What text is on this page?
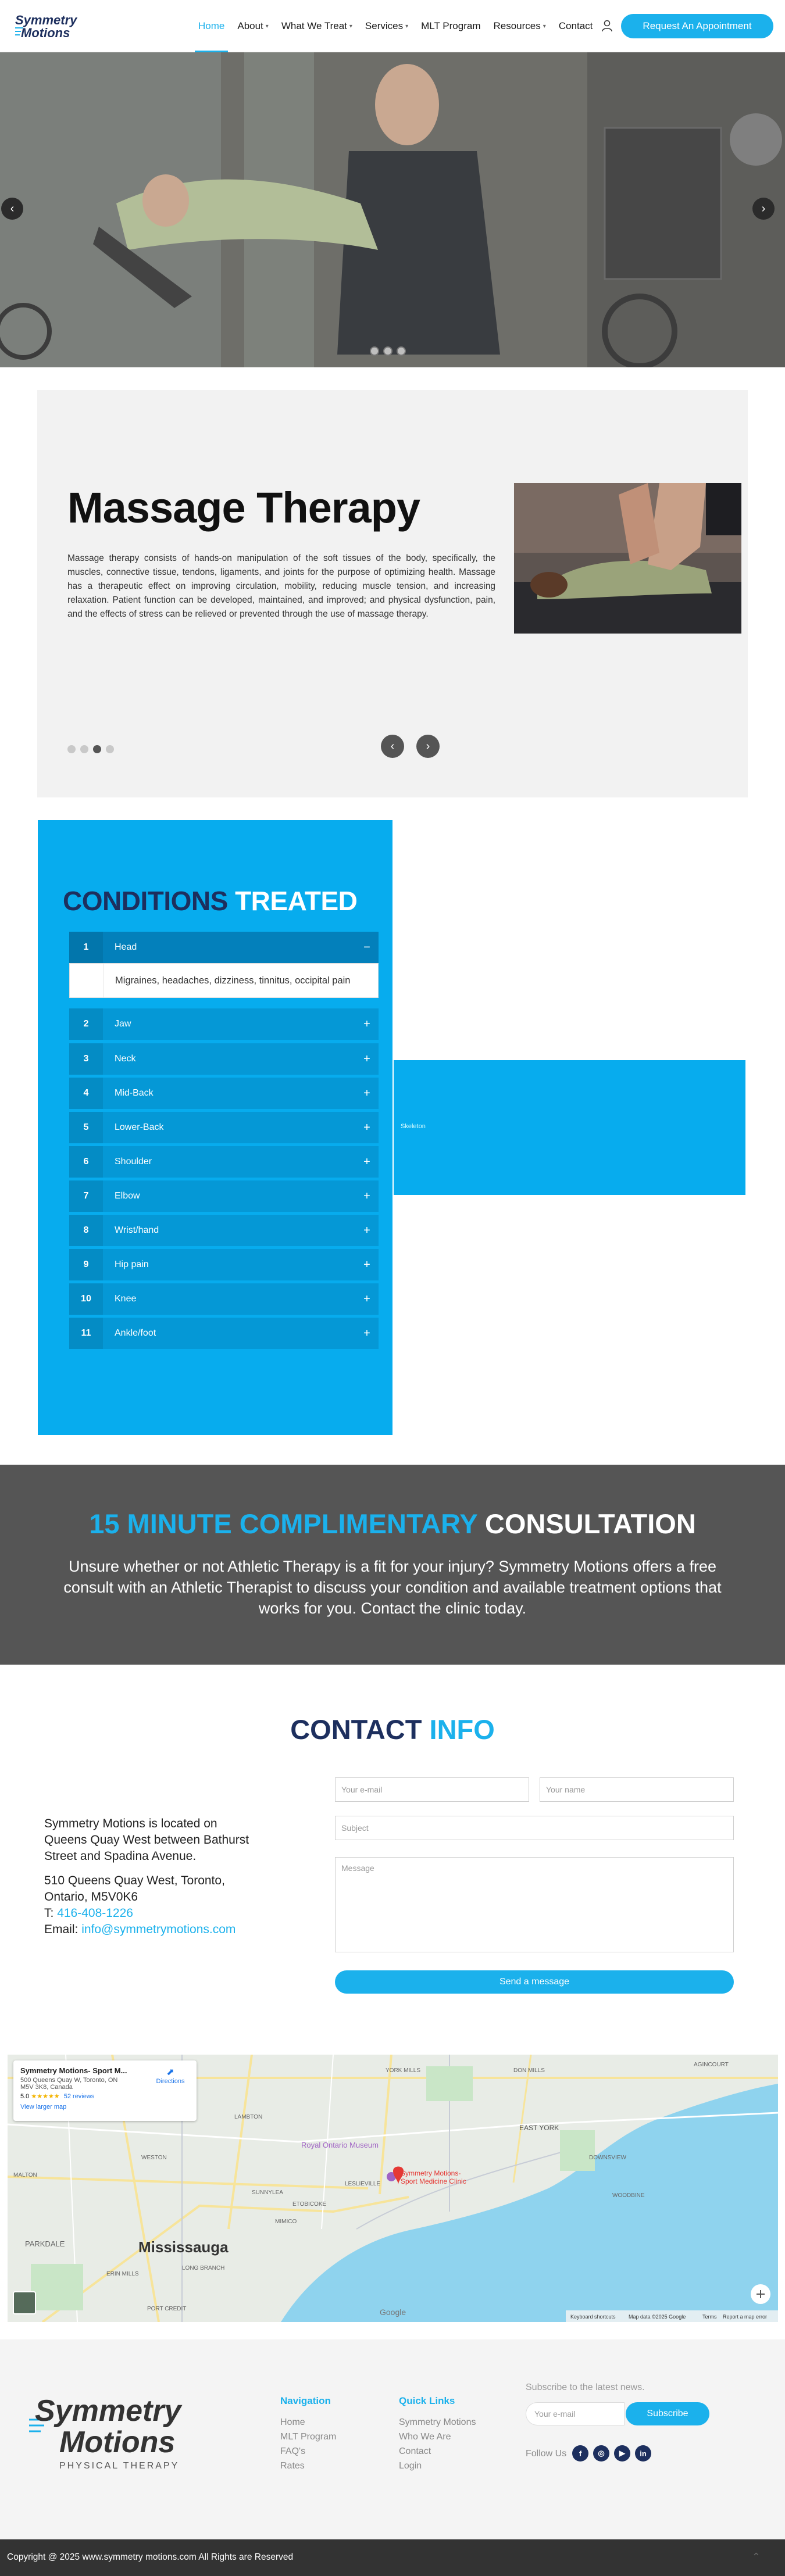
Symmetry
Motions	Home About ▾ What We Treat ▾ Services ▾ MLT Program Resources ▾ Contact	Request An Appointment
‹	›
Massage Therapy
Massage therapy consists of hands-on manipulation of the soft tissues of the body, specifically, the muscles, connective tissue, tendons, ligaments, and joints for the purpose of optimizing health. Massage has a therapeutic effect on improving circulation, mobility, reducing muscle tension, and increasing relaxation. Patient function can be developed, maintained, and improved; and physical dysfunction, pain, and the effects of stress can be relieved or prevented through the use of massage therapy.
‹	›
CONDITIONS TREATED
Migraines, headaches, dizziness, tinnitus, occipital pain
1	Head	−
2	Jaw	+
3	Neck	+
4	Mid-Back	+
5	Lower-Back	+
6	Shoulder	+
7	Elbow	+
8	Wrist/hand	+
9	Hip pain	+
10	Knee	+
11	Ankle/foot	+
Skeleton
15 MINUTE COMPLIMENTARY CONSULTATION
Unsure whether or not Athletic Therapy is a fit for your injury? Symmetry Motions offers a free consult with an Athletic Therapist to discuss your condition and available treatment options that works for you. Contact the clinic today.
CONTACT INFO
Symmetry Motions is located on Queens Quay West between Bathurst Street and Spadina Avenue.
510 Queens Quay West, Toronto,
Ontario, M5V0K6
T: 416-408-1226
Email: info@symmetrymotions.com
Your e-mail	Your name
Subject
Message
Send a message
PARKDALE
YORK MILLS	DON MILLS
EAST YORK
WOODBINE
ETOBICOKE
LESLIEVILLE
DOWNSVIEW
LAMBTON
SUNNYLEA
MIMICO
LONG BRANCH
WESTON
MALTON
AGINCOURT
ERIN MILLS
PORT CREDIT
Mississauga
Royal Ontario Museum
Symmetry Motions-
Sport Medicine Clinic
Google	Keyboard shortcuts Map data ©2025 Google	Terms Report a map error
Symmetry Motions- Sport M...
500 Queens Quay W, Toronto, ON
M5V 3K8, Canada
5.0 ★★★★★ 52 reviews
View larger map
⬈
Directions
Symmetry
Motions
PHYSICAL THERAPY
Navigation
Home
MLT Program
FAQ's
Rates
Quick Links
Symmetry Motions
Who We Are
Contact
Login
Subscribe to the latest news.
Your e-mail	Subscribe
Follow Us	f	◎	▶	in
Copyright @ 2025 www.symmetry motions.com All Rights are Reserved	⌃
